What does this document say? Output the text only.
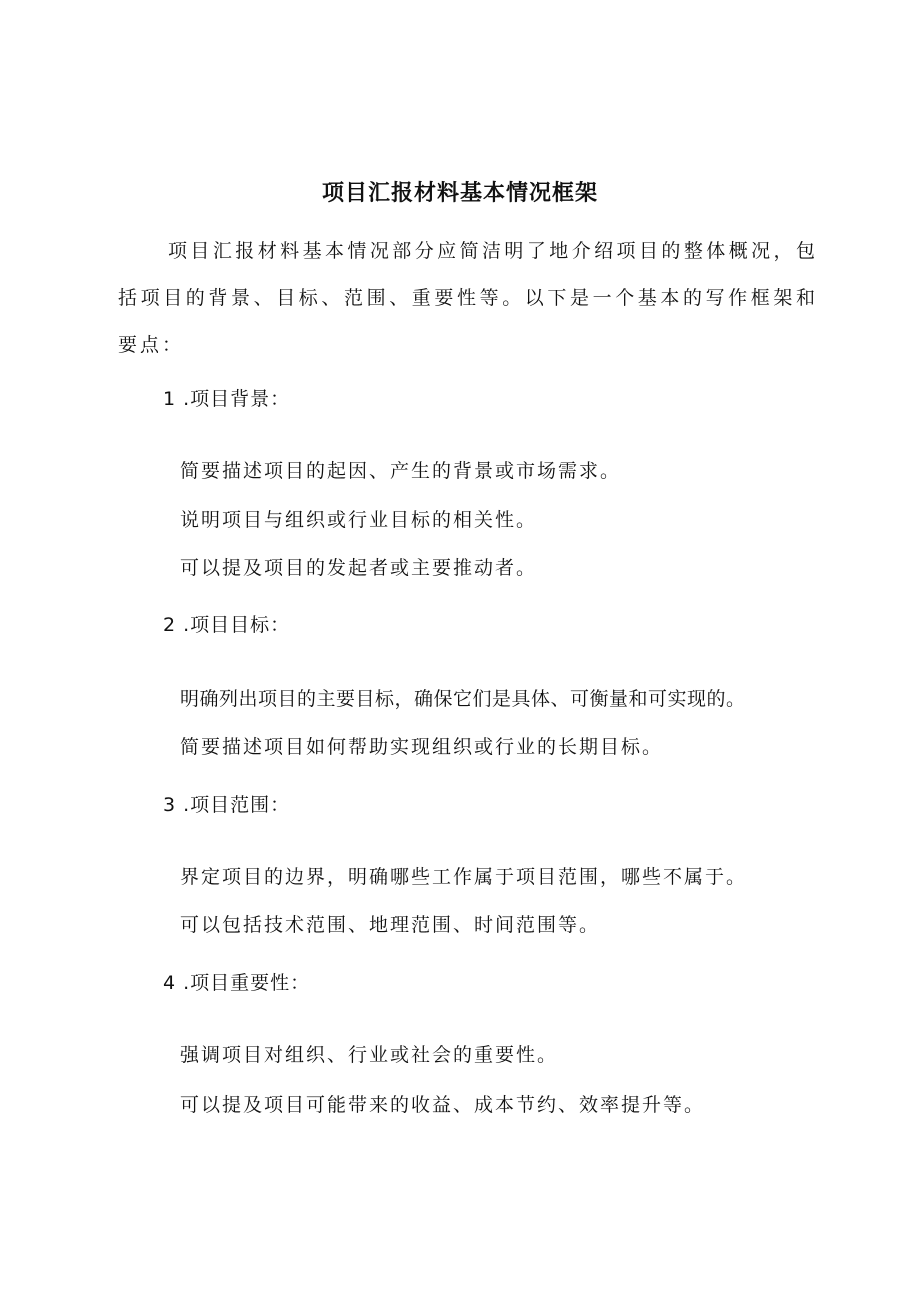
项目汇报材料基本情况框架

项目汇报材料基本情况部分应简洁明了地介绍项目的整体概况，包括项目的背景、目标、范围、重要性等。以下是一个基本的写作框架和要点：

1 .项目背景：
简要描述项目的起因、产生的背景或市场需求。
说明项目与组织或行业目标的相关性。
可以提及项目的发起者或主要推动者。
2 .项目目标：
明确列出项目的主要目标，确保它们是具体、可衡量和可实现的。
简要描述项目如何帮助实现组织或行业的长期目标。
3 .项目范围：
界定项目的边界，明确哪些工作属于项目范围，哪些不属于。
可以包括技术范围、地理范围、时间范围等。
4 .项目重要性：
强调项目对组织、行业或社会的重要性。
可以提及项目可能带来的收益、成本节约、效率提升等。
